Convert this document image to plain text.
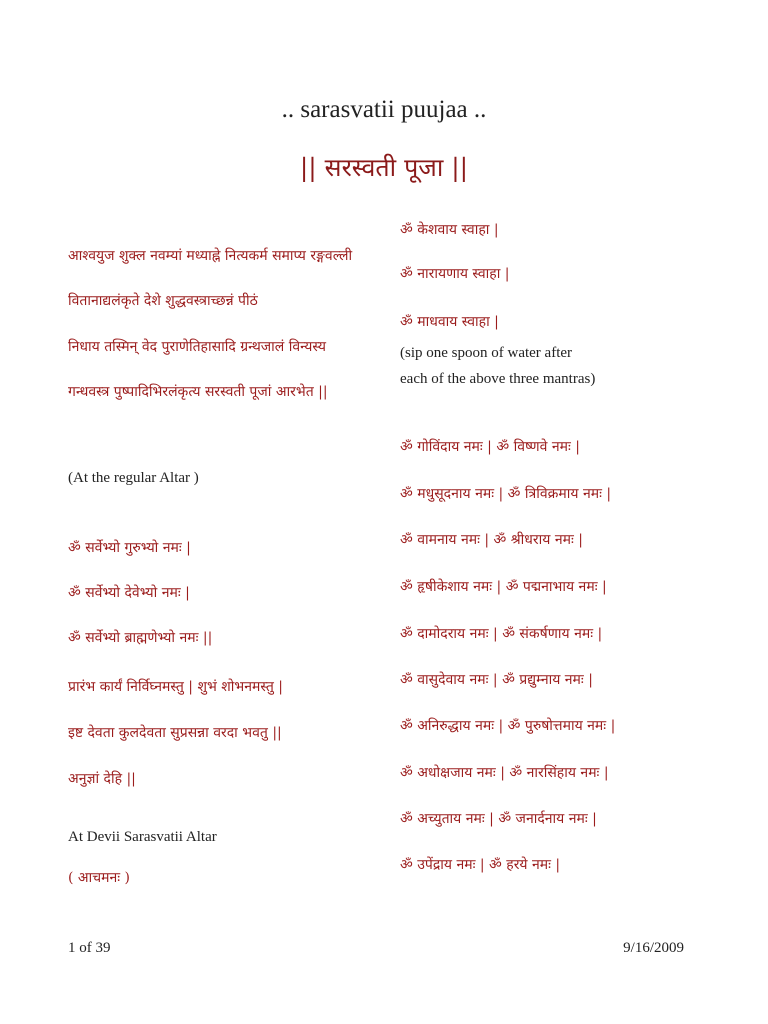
.. sarasvatii puujaa ..
|| सरस्वती पूजा ||
आश्वयुज शुक्ल नवम्यां मध्याह्ने नित्यकर्म समाप्य रङ्गवल्ली
वितानाद्यलंकृते देशे शुद्धवस्त्राच्छन्नं पीठं
निधाय तस्मिन् वेद पुराणेतिहासादि ग्रन्थजालं विन्यस्य
गन्धवस्त्र पुष्पादिभिरलंकृत्य सरस्वती पूजां आरभेत ||
(At the regular Altar )
ॐ सर्वेभ्यो गुरुभ्यो नमः |
ॐ सर्वेभ्यो देवेभ्यो नमः |
ॐ सर्वेभ्यो ब्राह्मणेभ्यो नमः ||
प्रारंभ कार्यं निर्विघ्नमस्तु | शुभं शोभनमस्तु |
इष्ट देवता कुलदेवता सुप्रसन्ना वरदा भवतु ||
अनुज्ञां देहि ||
At Devii Sarasvatii Altar
( आचमनः )
ॐ केशवाय स्वाहा |
ॐ नारायणाय स्वाहा |
ॐ माधवाय स्वाहा |
(sip one spoon of water after
each of the above three mantras)
ॐ गोविंदाय नमः | ॐ विष्णवे नमः |
ॐ मधुसूदनाय नमः | ॐ त्रिविक्रमाय नमः |
ॐ वामनाय नमः | ॐ श्रीधराय नमः |
ॐ हृषीकेशाय नमः | ॐ पद्मनाभाय नमः |
ॐ दामोदराय नमः | ॐ संकर्षणाय नमः |
ॐ वासुदेवाय नमः | ॐ प्रद्युम्नाय नमः |
ॐ अनिरुद्धाय नमः | ॐ पुरुषोत्तमाय नमः |
ॐ अधोक्षजाय नमः | ॐ नारसिंहाय नमः |
ॐ अच्युताय नमः | ॐ जनार्दनाय नमः |
ॐ उपेंद्राय नमः | ॐ हरये नमः |
1 of 39	9/16/2009
